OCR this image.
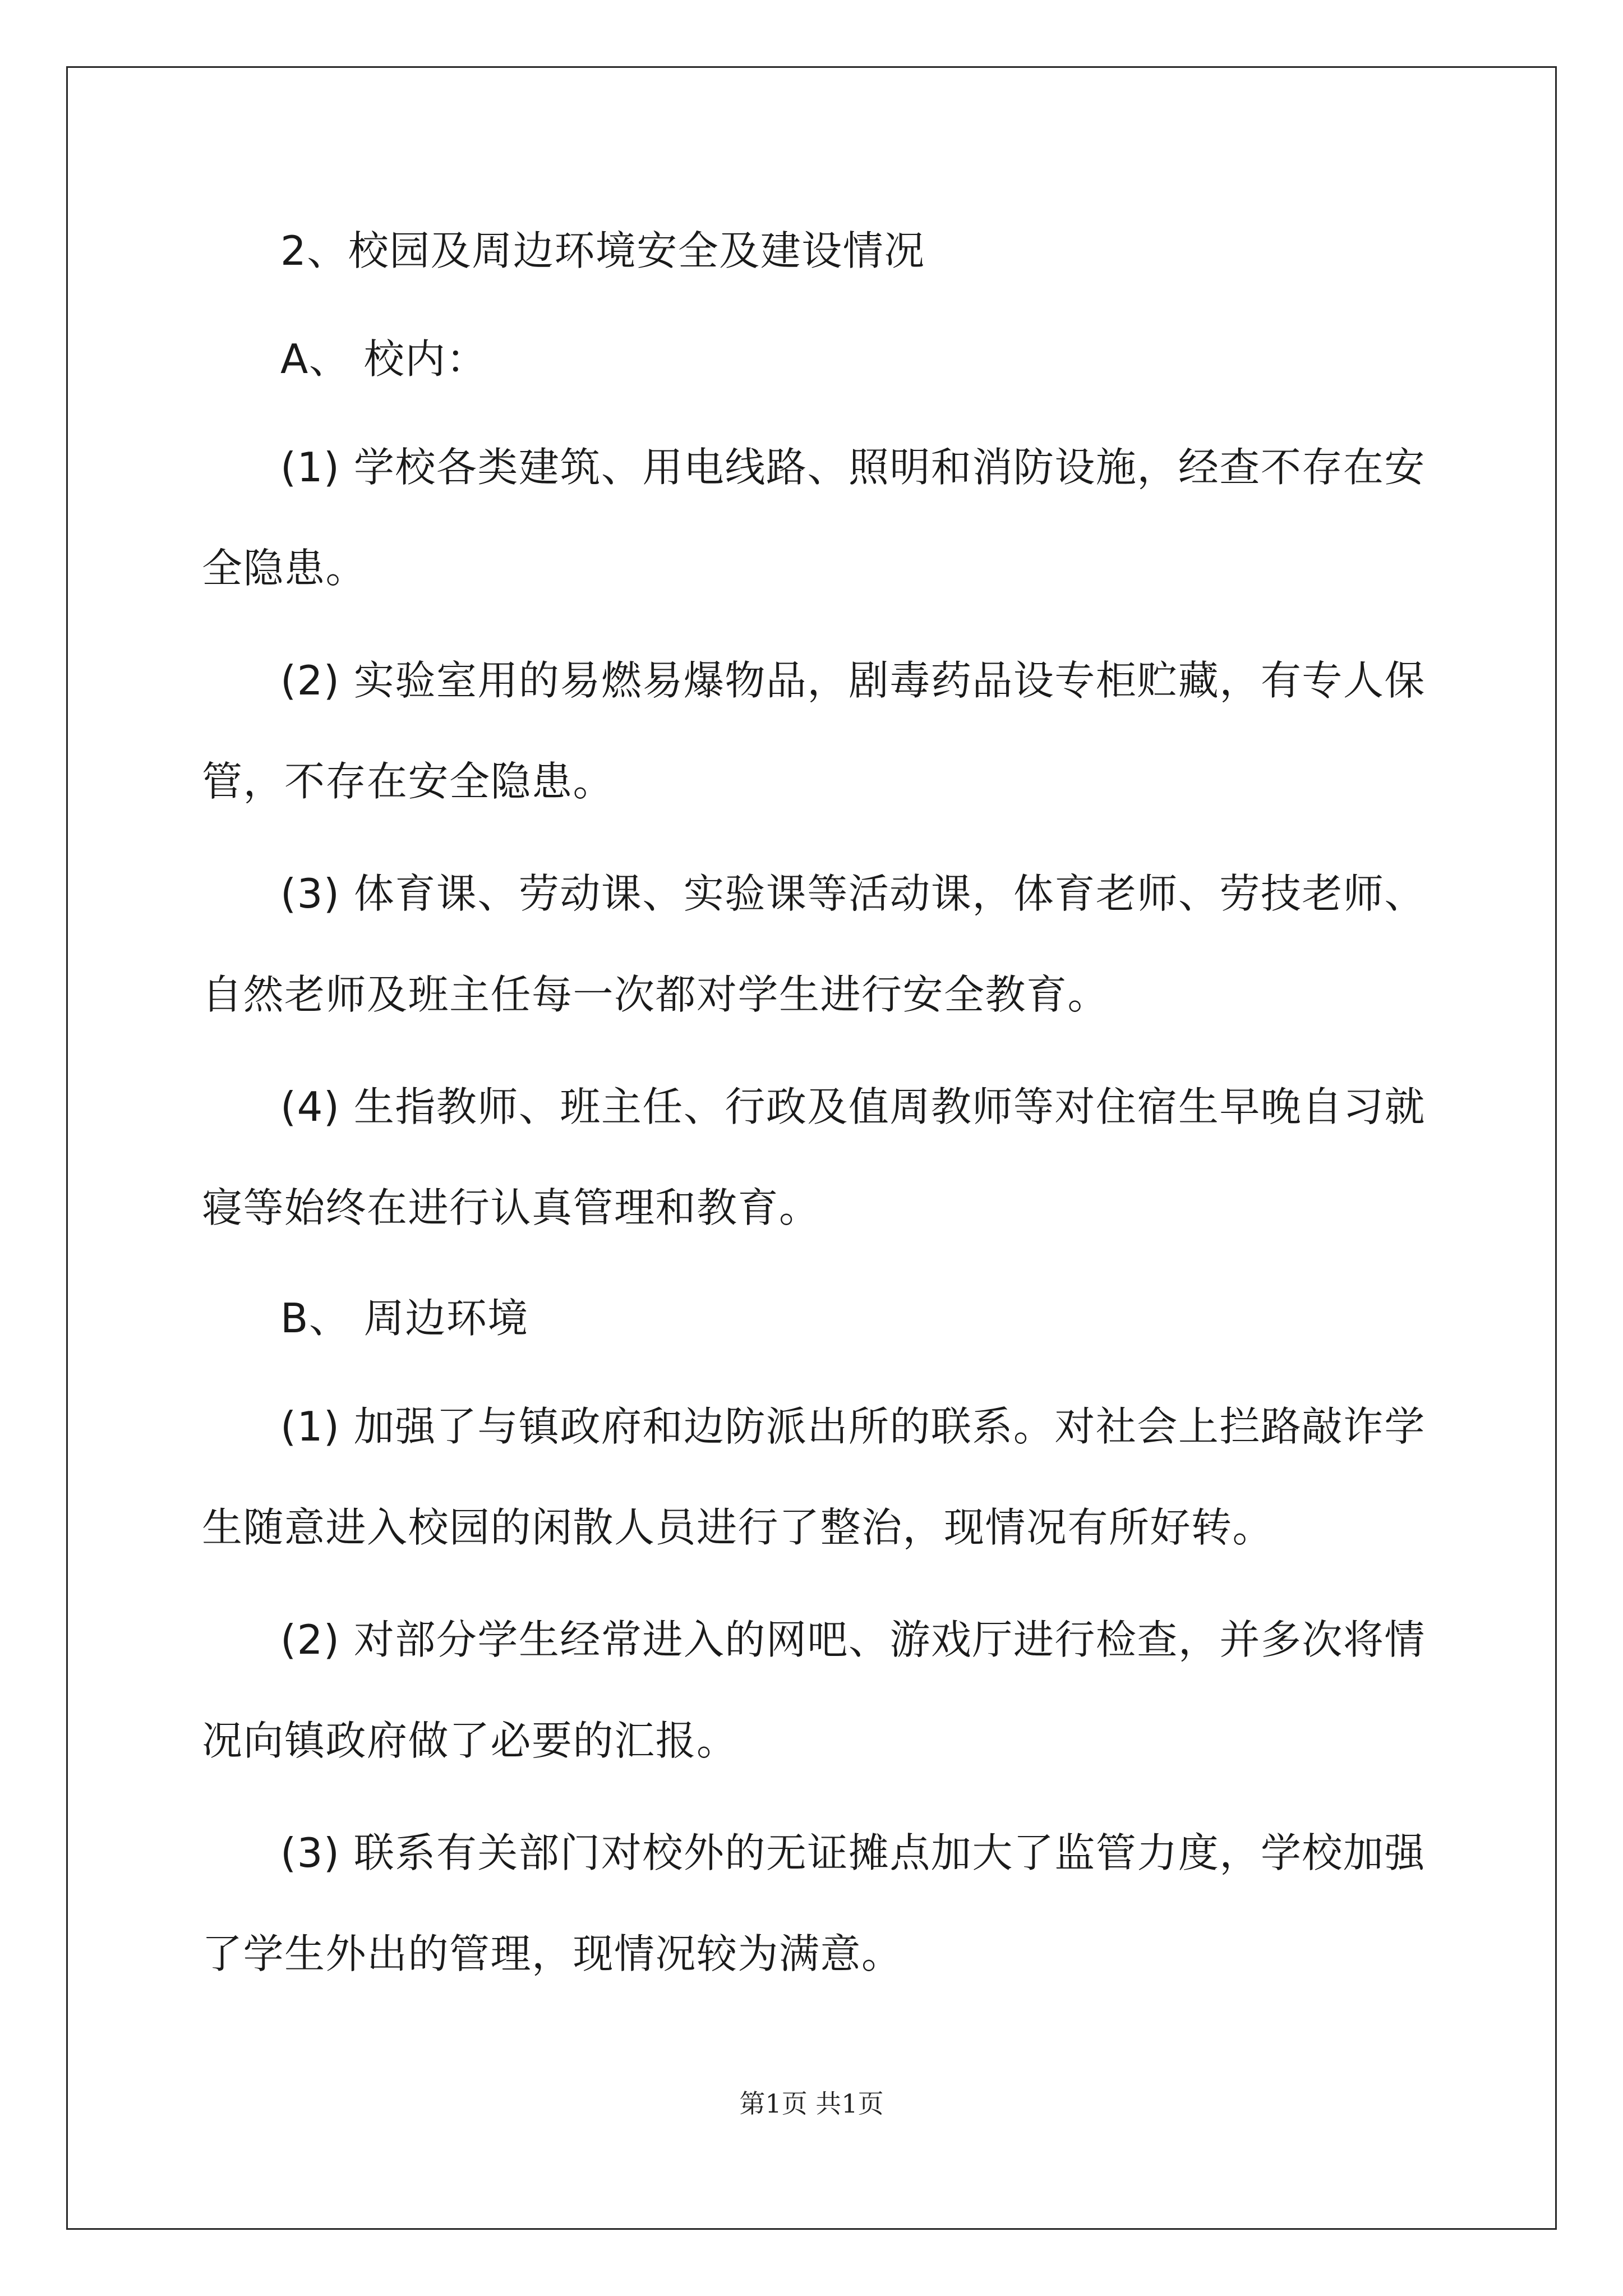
2、校园及周边环境安全及建设情况
A、 校内：
(1) 学校各类建筑、用电线路、照明和消防设施，经查不存在安
全隐患。
(2) 实验室用的易燃易爆物品，剧毒药品设专柜贮藏，有专人保
管，不存在安全隐患。
(3) 体育课、劳动课、实验课等活动课，体育老师、劳技老师、
自然老师及班主任每一次都对学生进行安全教育。
(4) 生指教师、班主任、行政及值周教师等对住宿生早晚自习就
寝等始终在进行认真管理和教育。
B、 周边环境
(1) 加强了与镇政府和边防派出所的联系。对社会上拦路敲诈学
生随意进入校园的闲散人员进行了整治，现情况有所好转。
(2) 对部分学生经常进入的网吧、游戏厅进行检查，并多次将情
况向镇政府做了必要的汇报。
(3) 联系有关部门对校外的无证摊点加大了监管力度，学校加强
了学生外出的管理，现情况较为满意。
第1页 共1页
